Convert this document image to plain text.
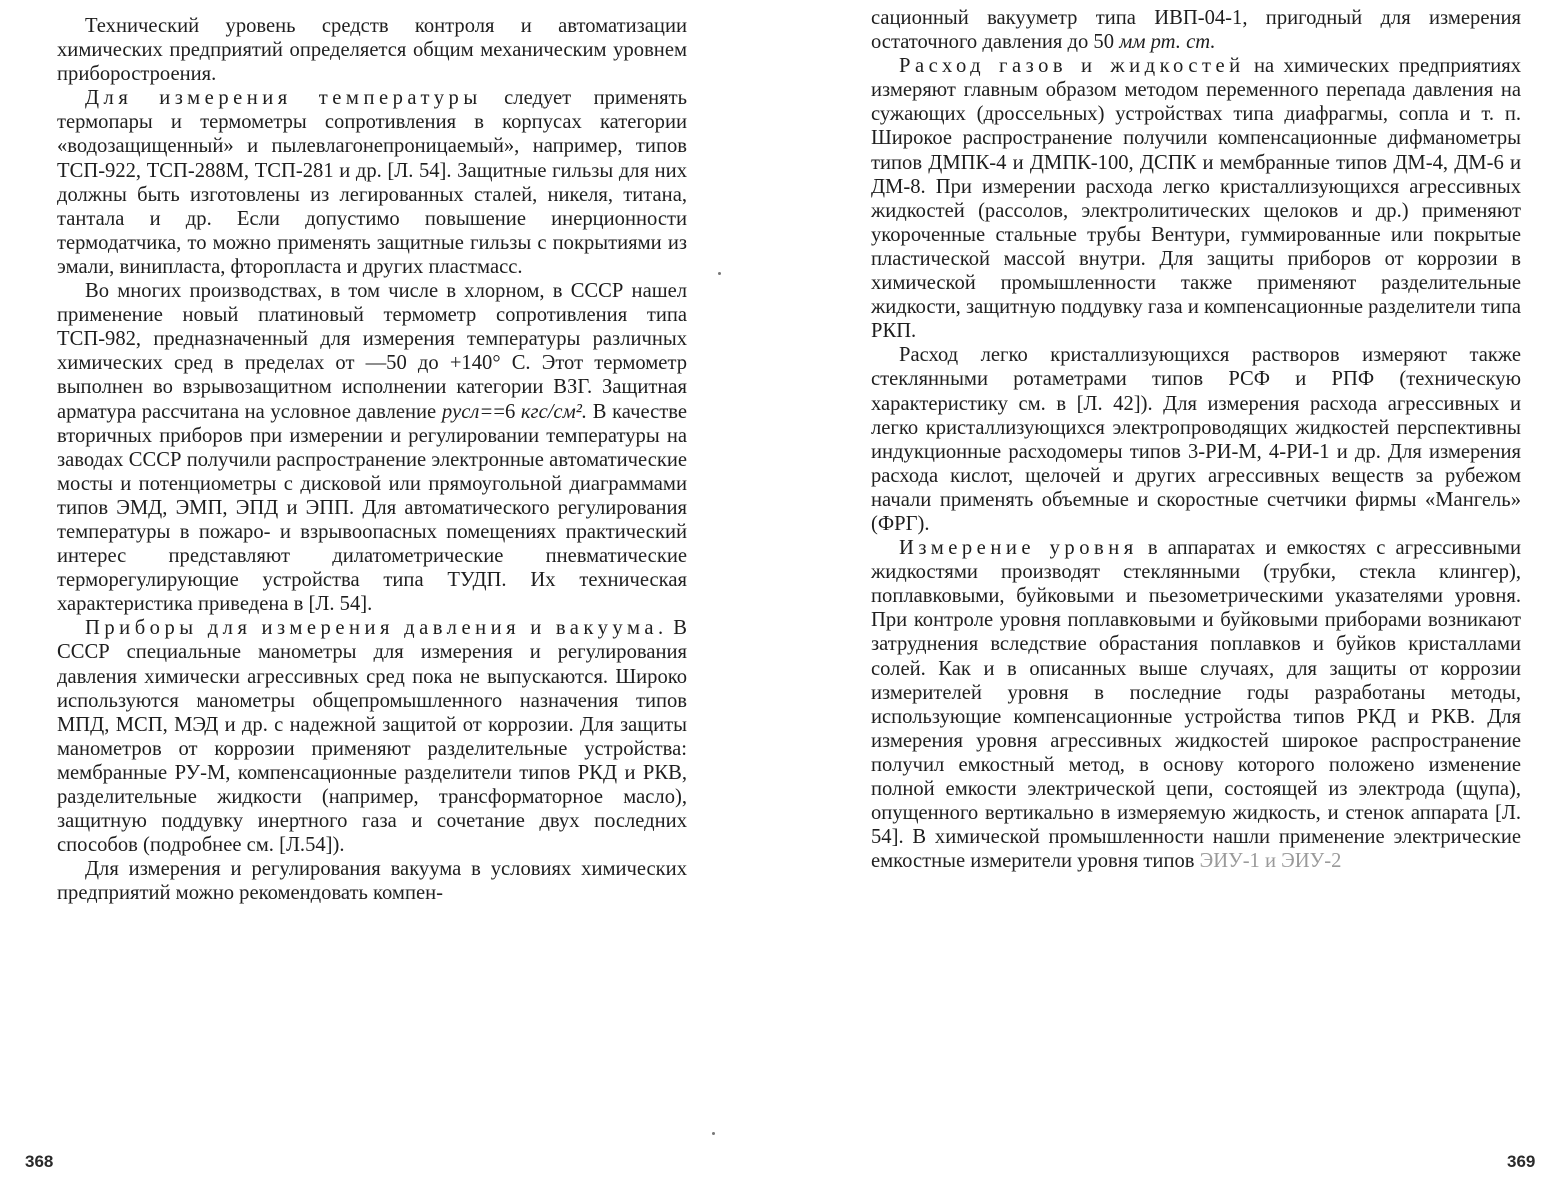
Технический уровень средств контроля и автоматизации химических предприятий определяется общим механическим уровнем приборостроения.

Для измерения температуры следует применять термопары и термометры сопротивления в корпусах категории «водозащищенный» и пылевлагонепроницаемый», например, типов ТСП-922, ТСП-288М, ТСП-281 и др. [Л. 54]. Защитные гильзы для них должны быть изготовлены из легированных сталей, никеля, титана, тантала и др. Если допустимо повышение инерционности термодатчика, то можно применять защитные гильзы с покрытиями из эмали, винипласта, фторопласта и других пластмасс.

Во многих производствах, в том числе в хлорном, в СССР нашел применение новый платиновый термометр сопротивления типа ТСП-982, предназначенный для измерения температуры различных химических сред в пределах от —50 до +140° С. Этот термометр выполнен во взрывозащитном исполнении категории ВЗГ. Защитная арматура рассчитана на условное давление pусл==6 кгс/см². В качестве вторичных приборов при измерении и регулировании температуры на заводах СССР получили распространение электронные автоматические мосты и потенциометры с дисковой или прямоугольной диаграммами типов ЭМД, ЭМП, ЭПД и ЭПП. Для автоматического регулирования температуры в пожаро- и взрывоопасных помещениях практический интерес представляют дилатометрические пневматические терморегулирующие устройства типа ТУДП. Их техническая характеристика приведена в [Л. 54].

Приборы для измерения давления и вакуума. В СССР специальные манометры для измерения и регулирования давления химически агрессивных сред пока не выпускаются. Широко используются манометры общепромышленного назначения типов МПД, МСП, МЭД и др. с надежной защитой от коррозии. Для защиты манометров от коррозии применяют разделительные устройства: мембранные РУ-М, компенсационные разделители типов РКД и РКВ, разделительные жидкости (например, трансформаторное масло), защитную поддувку инертного газа и сочетание двух последних способов (подробнее см. [Л.54]).

Для измерения и регулирования вакуума в условиях химических предприятий можно рекомендовать компен-

368

сационный вакууметр типа ИВП-04-1, пригодный для измерения остаточного давления до 50 мм рт. ст.

Расход газов и жидкостей на химических предприятиях измеряют главным образом методом переменного перепада давления на сужающих (дроссельных) устройствах типа диафрагмы, сопла и т. п. Широкое распространение получили компенсационные дифманометры типов ДМПК-4 и ДМПК-100, ДСПК и мембранные типов ДМ-4, ДМ-6 и ДМ-8. При измерении расхода легко кристаллизующихся агрессивных жидкостей (рассолов, электролитических щелоков и др.) применяют укороченные стальные трубы Вентури, гуммированные или покрытые пластической массой внутри. Для защиты приборов от коррозии в химической промышленности также применяют разделительные жидкости, защитную поддувку газа и компенсационные разделители типа РКП.

Расход легко кристаллизующихся растворов измеряют также стеклянными ротаметрами типов РСФ и РПФ (техническую характеристику см. в [Л. 42]). Для измерения расхода агрессивных и легко кристаллизующихся электропроводящих жидкостей перспективны индукционные расходомеры типов 3-РИ-М, 4-РИ-1 и др. Для измерения расхода кислот, щелочей и других агрессивных веществ за рубежом начали применять объемные и скоростные счетчики фирмы «Мангель» (ФРГ).

Измерение уровня в аппаратах и емкостях с агрессивными жидкостями производят стеклянными (трубки, стекла клингер), поплавковыми, буйковыми и пьезометрическими указателями уровня. При контроле уровня поплавковыми и буйковыми приборами возникают затруднения вследствие обрастания поплавков и буйков кристаллами солей. Как и в описанных выше случаях, для защиты от коррозии измерителей уровня в последние годы разработаны методы, использующие компенсационные устройства типов РКД и РКВ. Для измерения уровня агрессивных жидкостей широкое распространение получил емкостный метод, в основу которого положено изменение полной емкости электрической цепи, состоящей из электрода (щупа), опущенного вертикально в измеряемую жидкость, и стенок аппарата [Л. 54]. В химической промышленности нашли применение электрические емкостные измерители уровня типов ЭИУ-1 и ЭИУ-2

369
